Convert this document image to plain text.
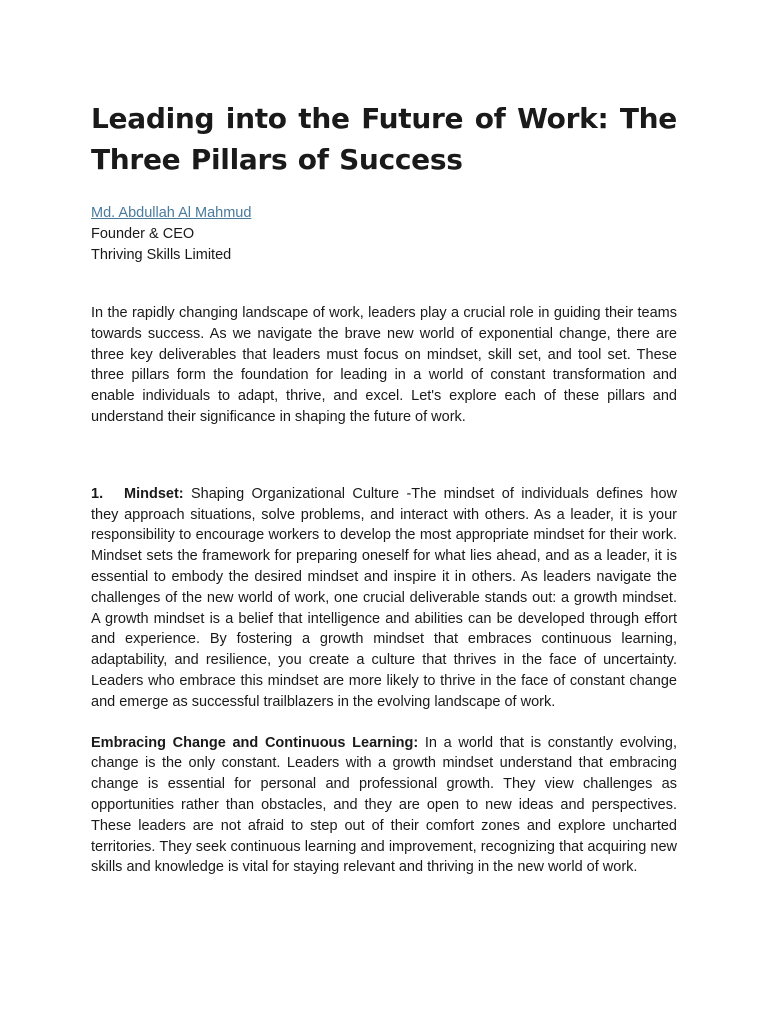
Leading into the Future of Work: The Three Pillars of Success
Md. Abdullah Al Mahmud
Founder & CEO
Thriving Skills Limited

In the rapidly changing landscape of work, leaders play a crucial role in guiding their teams towards success. As we navigate the brave new world of exponential change, there are three key deliverables that leaders must focus on mindset, skill set, and tool set. These three pillars form the foundation for leading in a world of constant transformation and enable individuals to adapt, thrive, and excel. Let's explore each of these pillars and understand their significance in shaping the future of work.

1. Mindset: Shaping Organizational Culture -The mindset of individuals defines how they approach situations, solve problems, and interact with others. As a leader, it is your responsibility to encourage workers to develop the most appropriate mindset for their work. Mindset sets the framework for preparing oneself for what lies ahead, and as a leader, it is essential to embody the desired mindset and inspire it in others. As leaders navigate the challenges of the new world of work, one crucial deliverable stands out: a growth mindset. A growth mindset is a belief that intelligence and abilities can be developed through effort and experience. By fostering a growth mindset that embraces continuous learning, adaptability, and resilience, you create a culture that thrives in the face of uncertainty. Leaders who embrace this mindset are more likely to thrive in the face of constant change and emerge as successful trailblazers in the evolving landscape of work.

Embracing Change and Continuous Learning: In a world that is constantly evolving, change is the only constant. Leaders with a growth mindset understand that embracing change is essential for personal and professional growth. They view challenges as opportunities rather than obstacles, and they are open to new ideas and perspectives. These leaders are not afraid to step out of their comfort zones and explore uncharted territories. They seek continuous learning and improvement, recognizing that acquiring new skills and knowledge is vital for staying relevant and thriving in the new world of work.
